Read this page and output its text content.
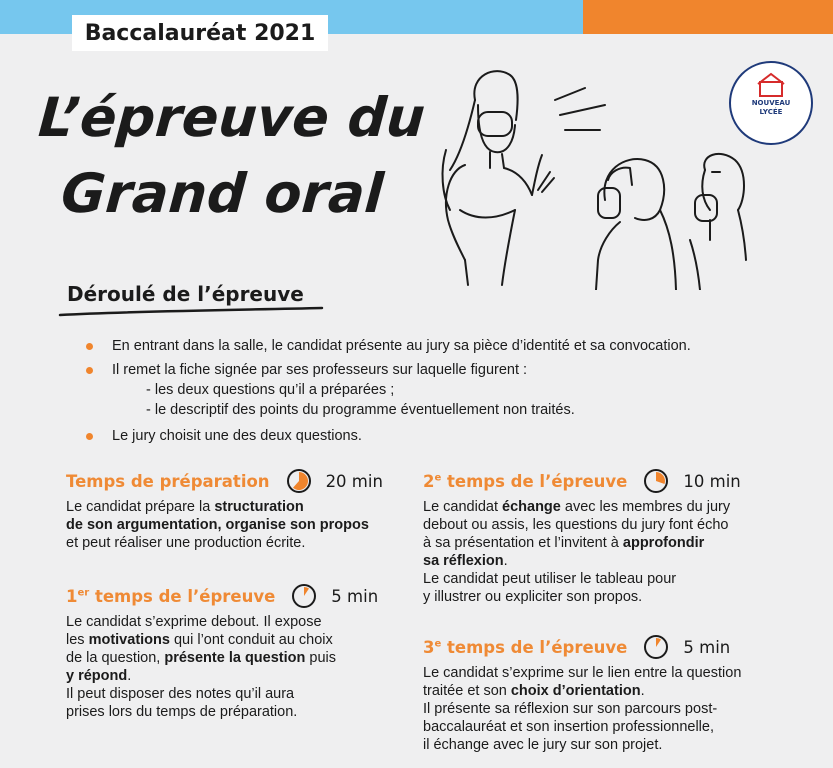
Baccalauréat 2021
L’épreuve du
Grand oral
NOUVEAU
LYCÉE
Déroulé de l’épreuve
En entrant dans la salle, le candidat présente au jury sa pièce d’identité et sa convocation.
Il remet la fiche signée par ses professeurs sur laquelle figurent :
- les deux questions qu’il a préparées ;
- le descriptif des points du programme éventuellement non traités.
Le jury choisit une des deux questions.
Temps de préparation	20 min
Le candidat prépare la structuration
de son argumentation, organise son propos
et peut réaliser une production écrite.
1er temps de l’épreuve	5 min
Le candidat s’exprime debout. Il expose
les motivations qui l’ont conduit au choix
de la question, présente la question puis
y répond.
Il peut disposer des notes qu’il aura
prises lors du temps de préparation.
2e temps de l’épreuve	10 min
Le candidat échange avec les membres du jury
debout ou assis, les questions du jury font écho
à sa présentation et l’invitent à approfondir
sa réflexion.
Le candidat peut utiliser le tableau pour
y illustrer ou expliciter son propos.
3e temps de l’épreuve	5 min
Le candidat s’exprime sur le lien entre la question
traitée et son choix d’orientation.
Il présente sa réflexion sur son parcours post-
baccalauréat et son insertion professionnelle,
il échange avec le jury sur son projet.
